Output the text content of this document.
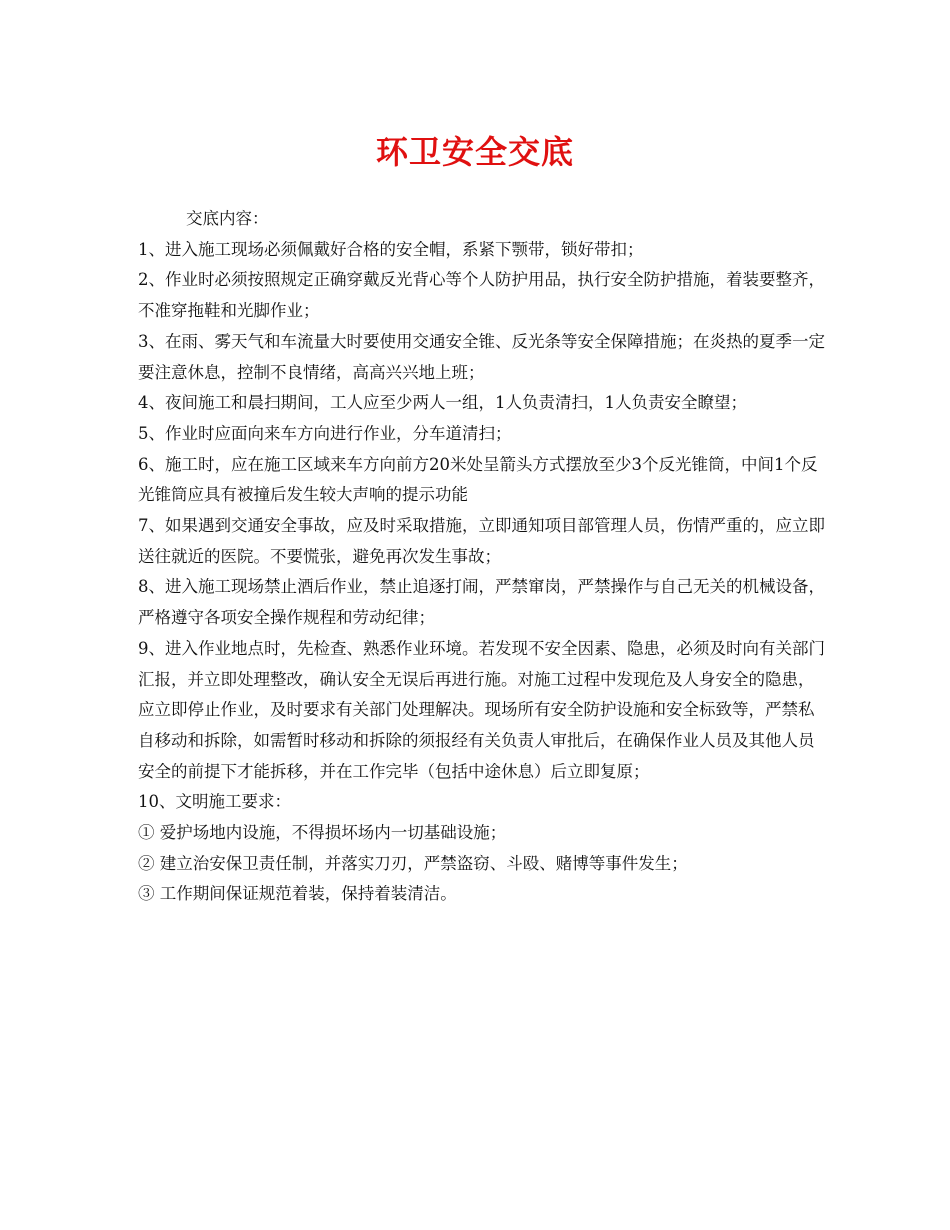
环卫安全交底

交底内容：

1、进入施工现场必须佩戴好合格的安全帽，系紧下颚带，锁好带扣；

2、作业时必须按照规定正确穿戴反光背心等个人防护用品，执行安全防护措施，着装要整齐，不准穿拖鞋和光脚作业；

3、在雨、雾天气和车流量大时要使用交通安全锥、反光条等安全保障措施；在炎热的夏季一定要注意休息，控制不良情绪，高高兴兴地上班；

4、夜间施工和晨扫期间，工人应至少两人一组，1人负责清扫，1人负责安全瞭望；

5、作业时应面向来车方向进行作业，分车道清扫；

6、施工时，应在施工区域来车方向前方20米处呈箭头方式摆放至少3个反光锥筒，中间1个反光锥筒应具有被撞后发生较大声响的提示功能

7、如果遇到交通安全事故，应及时采取措施，立即通知项目部管理人员，伤情严重的，应立即送往就近的医院。不要慌张，避免再次发生事故；

8、进入施工现场禁止酒后作业，禁止追逐打闹，严禁窜岗，严禁操作与自己无关的机械设备，严格遵守各项安全操作规程和劳动纪律；

9、进入作业地点时，先检查、熟悉作业环境。若发现不安全因素、隐患，必须及时向有关部门汇报，并立即处理整改，确认安全无误后再进行施。对施工过程中发现危及人身安全的隐患，应立即停止作业，及时要求有关部门处理解决。现场所有安全防护设施和安全标致等，严禁私自移动和拆除，如需暂时移动和拆除的须报经有关负责人审批后，在确保作业人员及其他人员安全的前提下才能拆移，并在工作完毕（包括中途休息）后立即复原；

10、文明施工要求：

① 爱护场地内设施，不得损坏场内一切基础设施；

② 建立治安保卫责任制，并落实刀刃，严禁盗窃、斗殴、赌博等事件发生；

③ 工作期间保证规范着装，保持着装清洁。
